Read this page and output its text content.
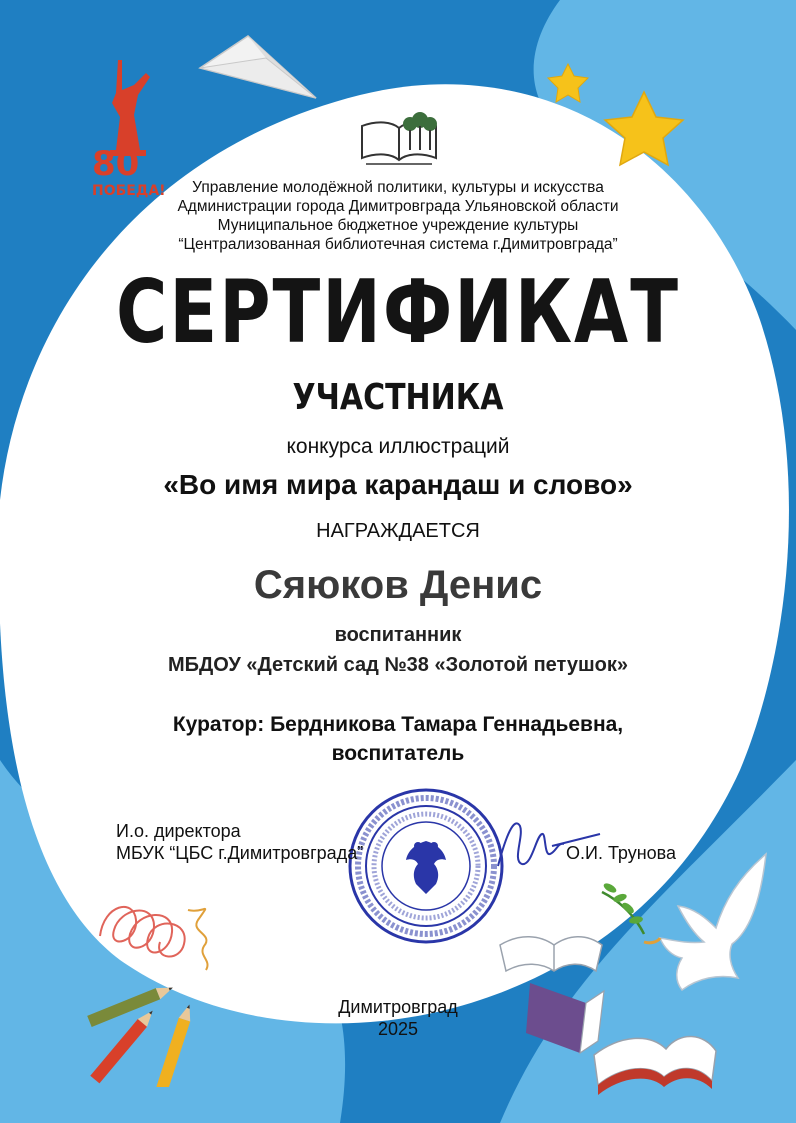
80
ПОБЕДА!	Управление молодёжной политики, культуры и искусства
Администрации города Димитровграда Ульяновской области
Муниципальное бюджетное учреждение культуры
“Централизованная библиотечная система г.Димитровграда”
СЕРТИФИКАТ
УЧАСТНИКА
конкурса иллюстраций
«Во имя мира карандаш и слово»
НАГРАЖДАЕТСЯ
Сяюков Денис
воспитанник
МБДОУ «Детский сад №38 «Золотой петушок»
Куратор: Бердникова Тамара Геннадьевна,
воспитатель
И.о. директора
МБУК “ЦБС г.Димитровграда”	О.И. Трунова
Димитровград
2025
